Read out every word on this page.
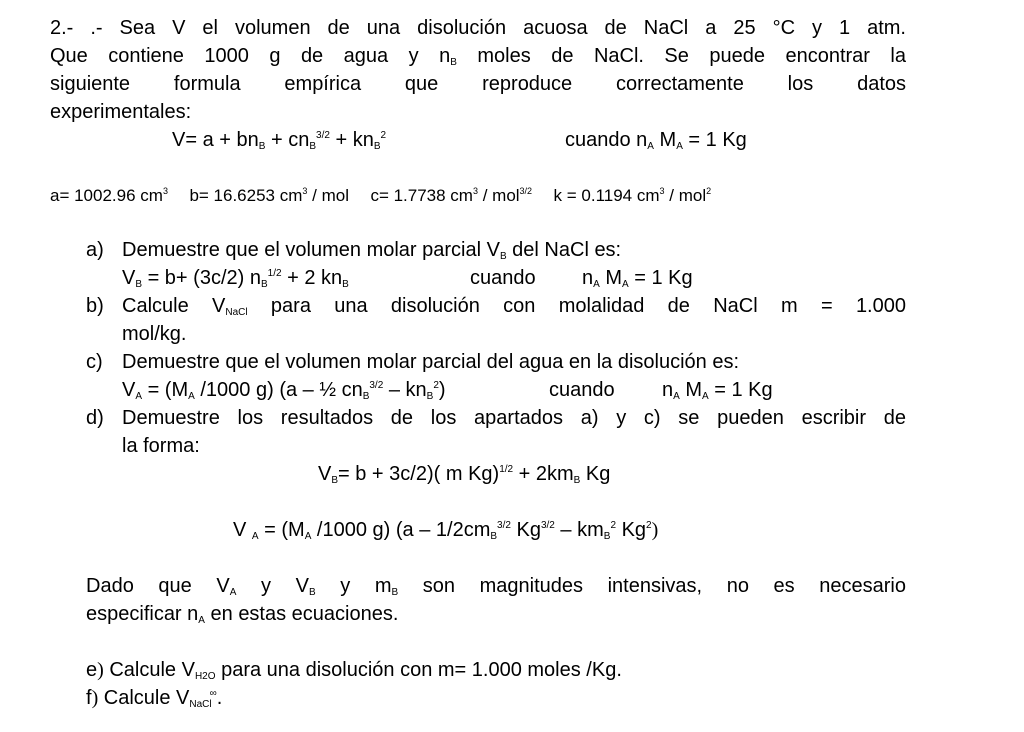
2.- .- Sea V el volumen de una disolución acuosa de NaCl a 25 °C y 1 atm.
Que contiene 1000 g de agua y $n_B$ moles de NaCl. Se puede encontrar la
siguiente formula empírica que reproduce correctamente los datos
experimentales:
$V= a + bn_B + cn_B^{3/2} + kn_B^2$	cuando $n_A$ $M_A = 1$ Kg
a= 1002.96 $cm^3$ b= 16.6253 $cm^3$ / mol c= 1.7738 $cm^3 / mol^{3/2}$ k = 0.1194 $cm^3 / mol^2$
a) Demuestre que el volumen molar parcial $V_B$ del NaCl es:
$V_B = b+ (3c/2) n_B^{1/2} + 2$ $kn_B$	cuando $n_A$ $M_A = 1$ Kg
b) Calcule $V_{NaCl}$ para una disolución con molalidad de NaCl m = 1.000
mol/kg.
c) Demuestre que el volumen molar parcial del agua en la disolución es:
$V_A = (M_A$ /1000 g) (a – ½ $cn_B^{3/2} - kn_B^2$)	cuando $n_A$ $M_A = 1$ Kg
d) Demuestre los resultados de los apartados a) y c) se pueden escribir de
la forma:
$V_B= b + 3c/2$)( m $Kg)^{1/2} + 2km_B$ Kg
V $_A = (M_A$ /1000 g) ($a - 1/2cm_B^{3/2}$ $Kg^{3/2} - km_B^2$ Kg$^2$)
Dado que $V_A$ y $V_B$ y $m_B$ son magnitudes intensivas, no es necesario
especificar $n_A$ en estas ecuaciones.
e) Calcule $V_{H2O}$ para una disolución con m= 1.000 moles /Kg.
f) Calcule $V_{NaCl}^\infty$.
